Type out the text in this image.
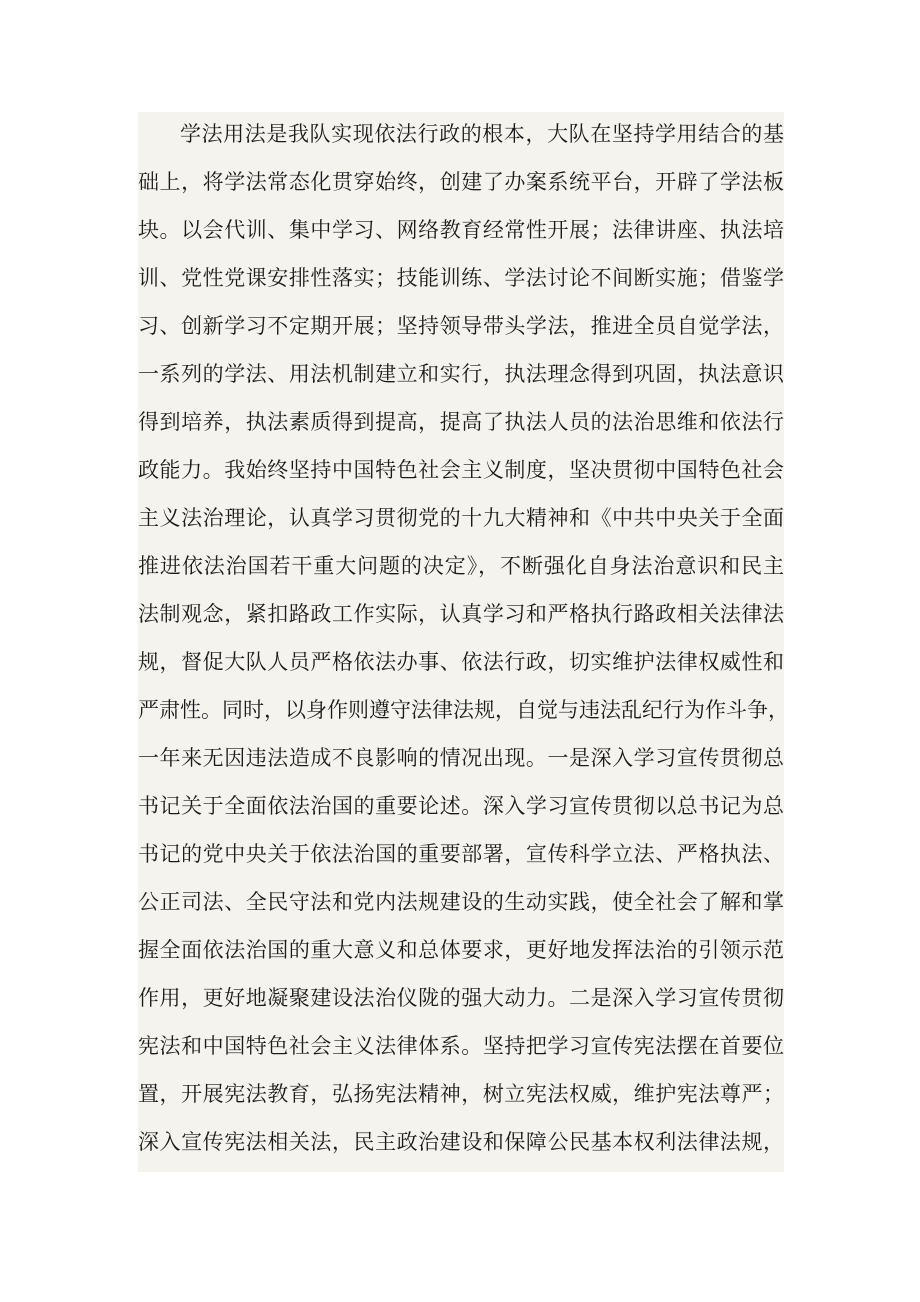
学法用法是我队实现依法行政的根本，大队在坚持学用结合的基
础上，将学法常态化贯穿始终，创建了办案系统平台，开辟了学法板
块。以会代训、集中学习、网络教育经常性开展；法律讲座、执法培
训、党性党课安排性落实；技能训练、学法讨论不间断实施；借鉴学
习、创新学习不定期开展；坚持领导带头学法，推进全员自觉学法，
一系列的学法、用法机制建立和实行，执法理念得到巩固，执法意识
得到培养，执法素质得到提高，提高了执法人员的法治思维和依法行
政能力。我始终坚持中国特色社会主义制度，坚决贯彻中国特色社会
主义法治理论，认真学习贯彻党的十九大精神和《中共中央关于全面
推进依法治国若干重大问题的决定》，不断强化自身法治意识和民主
法制观念，紧扣路政工作实际，认真学习和严格执行路政相关法律法
规，督促大队人员严格依法办事、依法行政，切实维护法律权威性和
严肃性。同时，以身作则遵守法律法规，自觉与违法乱纪行为作斗争，
一年来无因违法造成不良影响的情况出现。一是深入学习宣传贯彻总
书记关于全面依法治国的重要论述。深入学习宣传贯彻以总书记为总
书记的党中央关于依法治国的重要部署，宣传科学立法、严格执法、
公正司法、全民守法和党内法规建设的生动实践，使全社会了解和掌
握全面依法治国的重大意义和总体要求，更好地发挥法治的引领示范
作用，更好地凝聚建设法治仪陇的强大动力。二是深入学习宣传贯彻
宪法和中国特色社会主义法律体系。坚持把学习宣传宪法摆在首要位
置，开展宪法教育，弘扬宪法精神，树立宪法权威，维护宪法尊严；
深入宣传宪法相关法，民主政治建设和保障公民基本权利法律法规，
